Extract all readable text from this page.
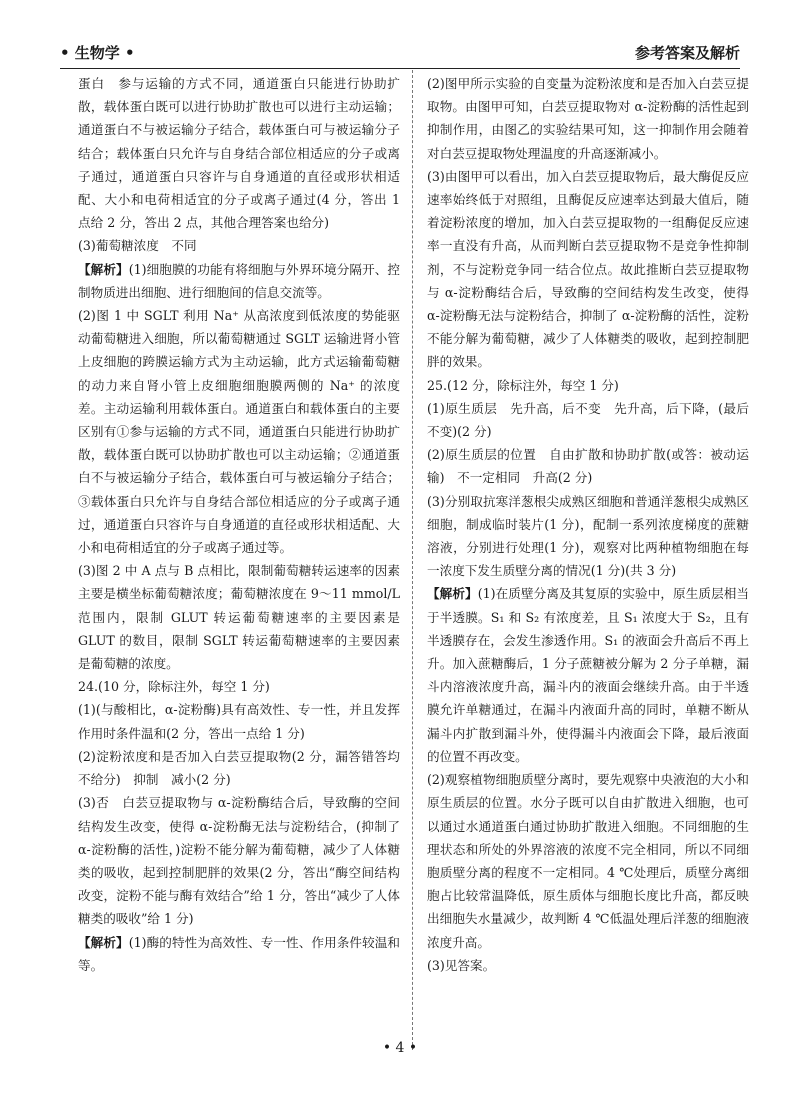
• 生物学 •	参考答案及解析

蛋白　参与运输的方式不同，通道蛋白只能进行协助扩散，载体蛋白既可以进行协助扩散也可以进行主动运输；通道蛋白不与被运输分子结合，载体蛋白可与被运输分子结合；载体蛋白只允许与自身结合部位相适应的分子或离子通过，通道蛋白只容许与自身通道的直径或形状相适配、大小和电荷相适宜的分子或离子通过(4 分，答出 1 点给 2 分，答出 2 点，其他合理答案也给分)

(3)葡萄糖浓度　不同

【解析】(1)细胞膜的功能有将细胞与外界环境分隔开、控制物质进出细胞、进行细胞间的信息交流等。

(2)图 1 中 SGLT 利用 Na⁺ 从高浓度到低浓度的势能驱动葡萄糖进入细胞，所以葡萄糖通过 SGLT 运输进肾小管上皮细胞的跨膜运输方式为主动运输，此方式运输葡萄糖的动力来自肾小管上皮细胞细胞膜两侧的 Na⁺ 的浓度差。主动运输利用载体蛋白。通道蛋白和载体蛋白的主要区别有①参与运输的方式不同，通道蛋白只能进行协助扩散，载体蛋白既可以协助扩散也可以主动运输；②通道蛋白不与被运输分子结合，载体蛋白可与被运输分子结合；③载体蛋白只允许与自身结合部位相适应的分子或离子通过，通道蛋白只容许与自身通道的直径或形状相适配、大小和电荷相适宜的分子或离子通过等。

(3)图 2 中 A 点与 B 点相比，限制葡萄糖转运速率的因素主要是横坐标葡萄糖浓度；葡萄糖浓度在 9～11 mmol/L 范围内，限制 GLUT 转运葡萄糖速率的主要因素是 GLUT 的数目，限制 SGLT 转运葡萄糖速率的主要因素是葡萄糖的浓度。

24.(10 分，除标注外，每空 1 分)

(1)(与酸相比，α-淀粉酶)具有高效性、专一性，并且发挥作用时条件温和(2 分，答出一点给 1 分)

(2)淀粉浓度和是否加入白芸豆提取物(2 分，漏答错答均不给分)　抑制　减小(2 分)

(3)否　白芸豆提取物与 α-淀粉酶结合后，导致酶的空间结构发生改变，使得 α-淀粉酶无法与淀粉结合，(抑制了 α-淀粉酶的活性，)淀粉不能分解为葡萄糖，减少了人体糖类的吸收，起到控制肥胖的效果(2 分，答出“酶空间结构改变，淀粉不能与酶有效结合”给 1 分，答出“减少了人体糖类的吸收”给 1 分)

【解析】(1)酶的特性为高效性、专一性、作用条件较温和等。

(2)图甲所示实验的自变量为淀粉浓度和是否加入白芸豆提取物。由图甲可知，白芸豆提取物对 α-淀粉酶的活性起到抑制作用，由图乙的实验结果可知，这一抑制作用会随着对白芸豆提取物处理温度的升高逐渐减小。

(3)由图甲可以看出，加入白芸豆提取物后，最大酶促反应速率始终低于对照组，且酶促反应速率达到最大值后，随着淀粉浓度的增加，加入白芸豆提取物的一组酶促反应速率一直没有升高，从而判断白芸豆提取物不是竞争性抑制剂，不与淀粉竞争同一结合位点。故此推断白芸豆提取物与 α-淀粉酶结合后，导致酶的空间结构发生改变，使得 α-淀粉酶无法与淀粉结合，抑制了 α-淀粉酶的活性，淀粉不能分解为葡萄糖，减少了人体糖类的吸收，起到控制肥胖的效果。

25.(12 分，除标注外，每空 1 分)

(1)原生质层　先升高，后不变　先升高，后下降，(最后不变)(2 分)

(2)原生质层的位置　自由扩散和协助扩散(或答：被动运输)　不一定相同　升高(2 分)

(3)分别取抗寒洋葱根尖成熟区细胞和普通洋葱根尖成熟区细胞，制成临时装片(1 分)，配制一系列浓度梯度的蔗糖溶液，分别进行处理(1 分)，观察对比两种植物细胞在每一浓度下发生质壁分离的情况(1 分)(共 3 分)

【解析】(1)在质壁分离及其复原的实验中，原生质层相当于半透膜。S₁ 和 S₂ 有浓度差，且 S₁ 浓度大于 S₂，且有半透膜存在，会发生渗透作用。S₁ 的液面会升高后不再上升。加入蔗糖酶后，1 分子蔗糖被分解为 2 分子单糖，漏斗内溶液浓度升高，漏斗内的液面会继续升高。由于半透膜允许单糖通过，在漏斗内液面升高的同时，单糖不断从漏斗内扩散到漏斗外，使得漏斗内液面会下降，最后液面的位置不再改变。

(2)观察植物细胞质壁分离时，要先观察中央液泡的大小和原生质层的位置。水分子既可以自由扩散进入细胞，也可以通过水通道蛋白通过协助扩散进入细胞。不同细胞的生理状态和所处的外界溶液的浓度不完全相同，所以不同细胞质壁分离的程度不一定相同。4 ℃处理后，质壁分离细胞占比较常温降低，原生质体与细胞长度比升高，都反映出细胞失水量减少，故判断 4 ℃低温处理后洋葱的细胞液浓度升高。

(3)见答案。

• 4 •
